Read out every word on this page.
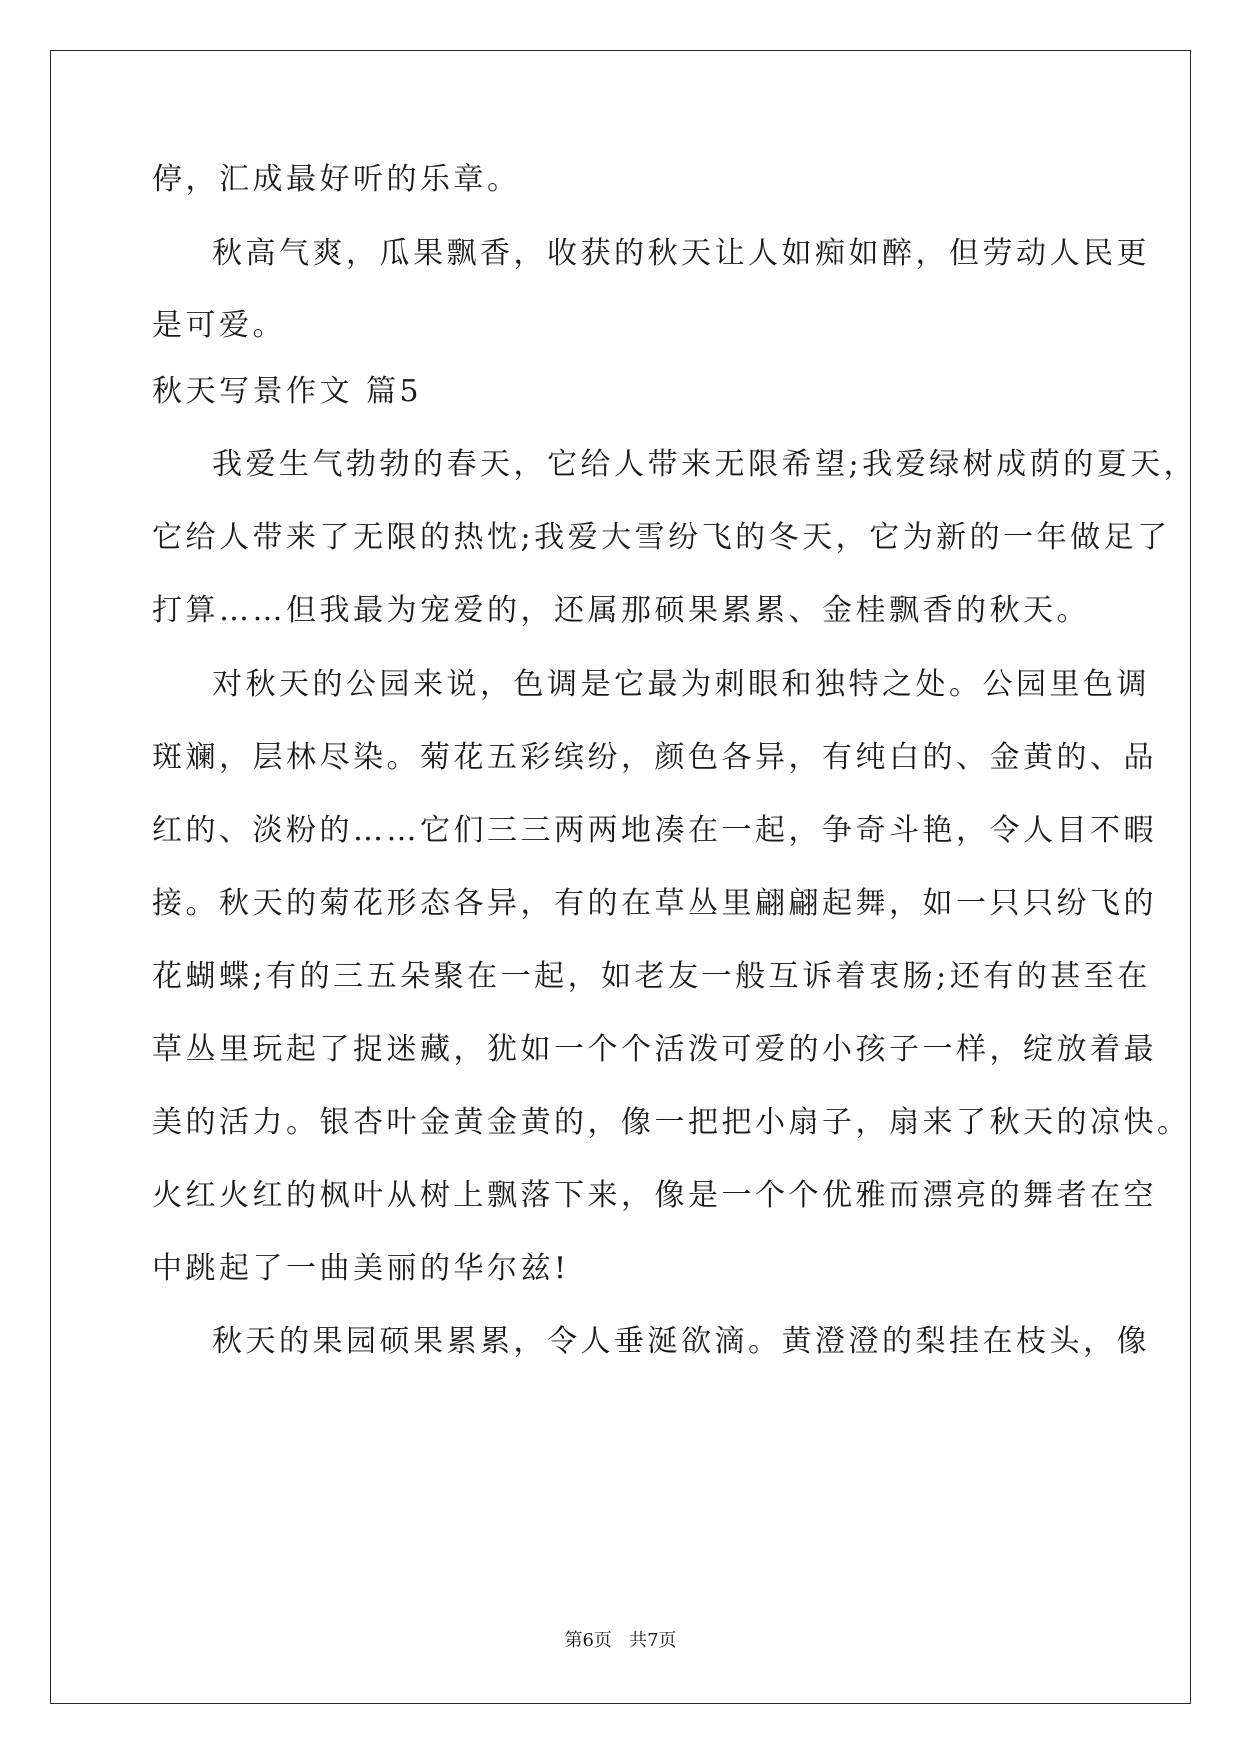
停，汇成最好听的乐章。
秋高气爽，瓜果飘香，收获的秋天让人如痴如醉，但劳动人民更
是可爱。
秋天写景作文 篇5
我爱生气勃勃的春天，它给人带来无限希望;我爱绿树成荫的夏天，
它给人带来了无限的热忱;我爱大雪纷飞的冬天，它为新的一年做足了
打算……但我最为宠爱的，还属那硕果累累、金桂飘香的秋天。
对秋天的公园来说，色调是它最为刺眼和独特之处。公园里色调
斑斓，层林尽染。菊花五彩缤纷，颜色各异，有纯白的、金黄的、品
红的、淡粉的……它们三三两两地凑在一起，争奇斗艳，令人目不暇
接。秋天的菊花形态各异，有的在草丛里翩翩起舞，如一只只纷飞的
花蝴蝶;有的三五朵聚在一起，如老友一般互诉着衷肠;还有的甚至在
草丛里玩起了捉迷藏，犹如一个个活泼可爱的小孩子一样，绽放着最
美的活力。银杏叶金黄金黄的，像一把把小扇子，扇来了秋天的凉快。
火红火红的枫叶从树上飘落下来，像是一个个优雅而漂亮的舞者在空
中跳起了一曲美丽的华尔兹!
秋天的果园硕果累累，令人垂涎欲滴。黄澄澄的梨挂在枝头，像
第6页 共7页
